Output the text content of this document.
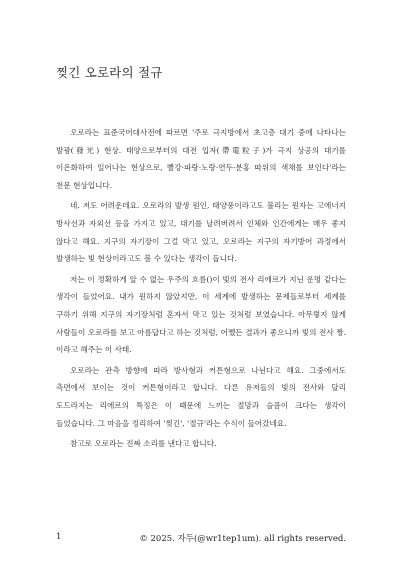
찢긴 오로라의 절규

오로라는 표준국어대사전에 따르면 '주로 극지방에서 초고층 대기 중에 나타나는 발광(發光) 현상. 태양으로부터의 대전 입자(帶電粒子)가 극지 상공의 대기를 이온화하여 일어나는 현상으로, 빨강·파랑·노랑·연두·분홍 따위의 색채를 보인다'라는 천문 현상입니다.

네. 저도 어려운데요. 오로라의 발생 원인, 태양풍이라고도 불리는 원자는 고에너지 방사선과 자외선 등을 가지고 있고, 대기를 날려버려서 인체와 인간에게는 매우 좋지 않다고 해요. 지구의 자기장이 그걸 막고 있고, 오로라는 지구의 자기방어 과정에서 발생하는 빛 현상이라고도 볼 수 있다는 생각이 듭니다.

저는 이 정확하게 알 수 없는 우주의 흐름()이 빛의 전사 리에르가 지닌 운명 같다는 생각이 들었어요. 내가 원하지 않았지만, 이 세계에 발생하는 문제들로부터 세계를 구하기 위해 지구의 자기장처럼 혼자서 막고 있는 것처럼 보였습니다. 아무렇지 않게 사람들이 오로라를 보고 아름답다고 하는 것처럼, 어쨌든 결과가 좋으니까 빛의 전사 짱. 이라고 해주는 이 사태.

오로라는 관측 방향에 따라 방사형과 커튼형으로 나뉜다고 해요. 그중에서도 측면에서 보이는 것이 커튼형이라고 합니다. 다른 유저들의 빛의 전사와 달리 도드라지는 리에르의 특징은 이 때문에 느끼는 절망과 슬픔이 크다는 생각이 들었습니다. 그 마음을 정리하여 '찢긴', '절규'라는 수식이 들어갔네요.

참고로 오로라는 진짜 소리를 낸다고 합니다.

1	© 2025. 자두(@wr1tep1um). all rights reserved.
